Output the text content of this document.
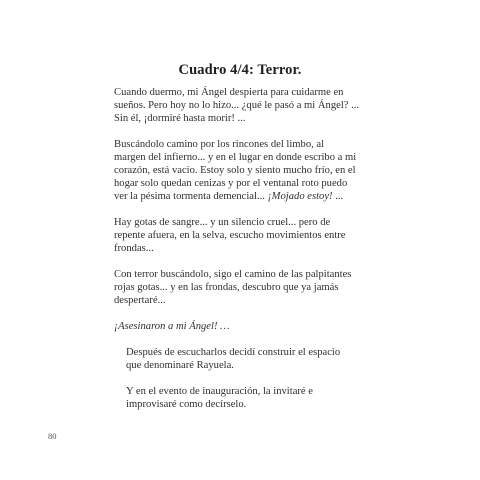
Cuadro 4/4: Terror.

Cuando duermo, mi Ángel despierta para cuidarme en
sueños. Pero hoy no lo hizo... ¿qué le pasó a mi Ángel? ...
Sin él, ¡dormiré hasta morir! ...

Buscándolo camino por los rincones del limbo, al
margen del infierno... y en el lugar en donde escribo a mi
corazón, está vacío. Estoy solo y siento mucho frío, en el
hogar solo quedan cenizas y por el ventanal roto puedo
ver la pésima tormenta demencial... ¡Mojado estoy! ...

Hay gotas de sangre... y un silencio cruel... pero de
repente afuera, en la selva, escucho movimientos entre
frondas...

Con terror buscándolo, sigo el camino de las palpitantes
rojas gotas... y en las frondas, descubro que ya jamás
despertaré...

¡Asesinaron a mi Ángel! …

Después de escucharlos decidí construir el espacio
que denominaré Rayuela.

Y en el evento de inauguración, la invitaré e
improvisaré como decírselo.

80
